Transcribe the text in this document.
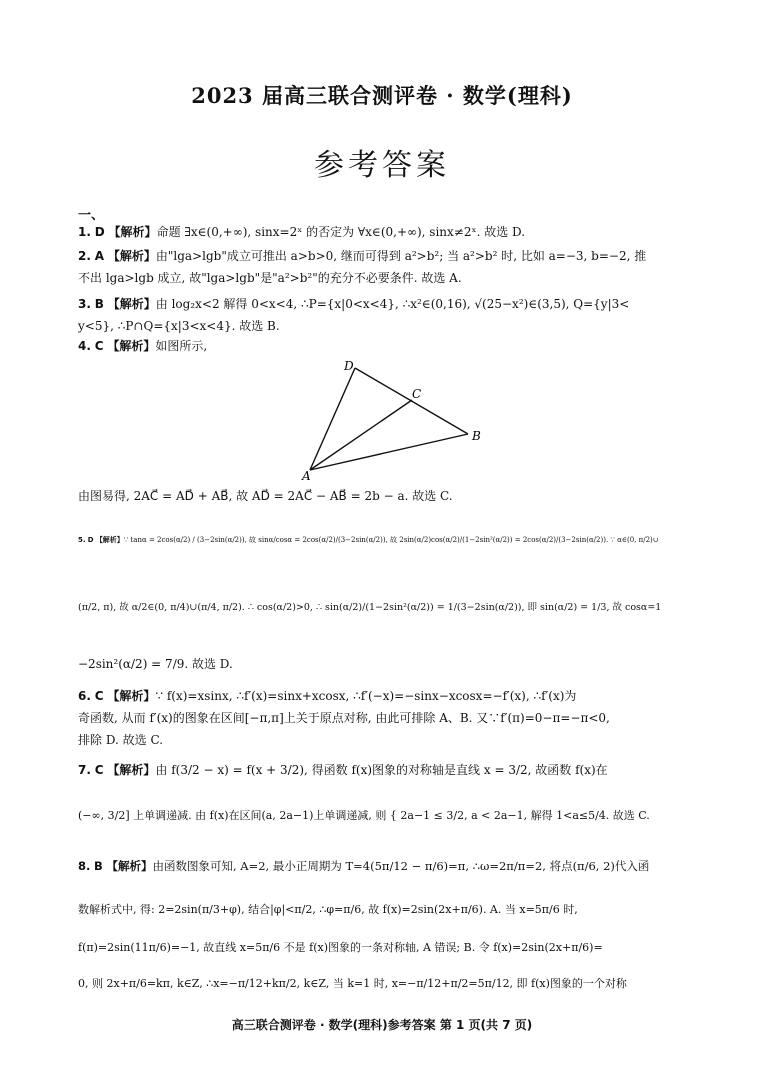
2023 届高三联合测评卷 · 数学(理科)
参考答案
一、
1. D 【解析】命题 ∃x∈(0,+∞), sinx=2ˣ 的否定为 ∀x∈(0,+∞), sinx≠2ˣ. 故选 D.
2. A 【解析】由"lga>lgb"成立可推出 a>b>0, 继而可得到 a²>b²; 当 a²>b² 时, 比如 a=−3, b=−2, 推
不出 lga>lgb 成立, 故"lga>lgb"是"a²>b²"的充分不必要条件. 故选 A.
3. B 【解析】由 log₂x<2 解得 0<x<4, ∴P={x|0<x<4}, ∴x²∈(0,16), √(25−x²)∈(3,5), Q={y|3<
y<5}, ∴P∩Q={x|3<x<4}. 故选 B.
4. C 【解析】如图所示,
D
C
B
A
由图易得, 2AC⃗ = AD⃗ + AB⃗, 故 AD⃗ = 2AC⃗ − AB⃗ = 2b − a. 故选 C.
5. D 【解析】∵ tanα = 2cos(α/2) / (3−2sin(α/2)), 故 sinα/cosα = 2cos(α/2)/(3−2sin(α/2)), 故 2sin(α/2)cos(α/2)/(1−2sin²(α/2)) = 2cos(α/2)/(3−2sin(α/2)). ∵ α∈(0, π/2)∪
(π/2, π), 故 α/2∈(0, π/4)∪(π/4, π/2). ∴ cos(α/2)>0, ∴ sin(α/2)/(1−2sin²(α/2)) = 1/(3−2sin(α/2)), 即 sin(α/2) = 1/3, 故 cosα=1
−2sin²(α/2) = 7/9. 故选 D.
6. C 【解析】∵ f(x)=xsinx, ∴f′(x)=sinx+xcosx, ∴f′(−x)=−sinx−xcosx=−f′(x), ∴f′(x)为
奇函数, 从而 f′(x)的图象在区间[−π,π]上关于原点对称, 由此可排除 A、B. 又∵f′(π)=0−π=−π<0,
排除 D. 故选 C.
7. C 【解析】由 f(3/2 − x) = f(x + 3/2), 得函数 f(x)图象的对称轴是直线 x = 3/2, 故函数 f(x)在
(−∞, 3/2] 上单调递减. 由 f(x)在区间(a, 2a−1)上单调递减, 则 { 2a−1 ≤ 3/2, a < 2a−1, 解得 1<a≤5/4. 故选 C.
8. B 【解析】由函数图象可知, A=2, 最小正周期为 T=4(5π/12 − π/6)=π, ∴ω=2π/π=2, 将点(π/6, 2)代入函
数解析式中, 得: 2=2sin(π/3+φ), 结合|φ|<π/2, ∴φ=π/6, 故 f(x)=2sin(2x+π/6). A. 当 x=5π/6 时,
f(π)=2sin(11π/6)=−1, 故直线 x=5π/6 不是 f(x)图象的一条对称轴, A 错误; B. 令 f(x)=2sin(2x+π/6)=
0, 则 2x+π/6=kπ, k∈Z, ∴x=−π/12+kπ/2, k∈Z, 当 k=1 时, x=−π/12+π/2=5π/12, 即 f(x)图象的一个对称
高三联合测评卷 · 数学(理科)参考答案 第 1 页(共 7 页)
